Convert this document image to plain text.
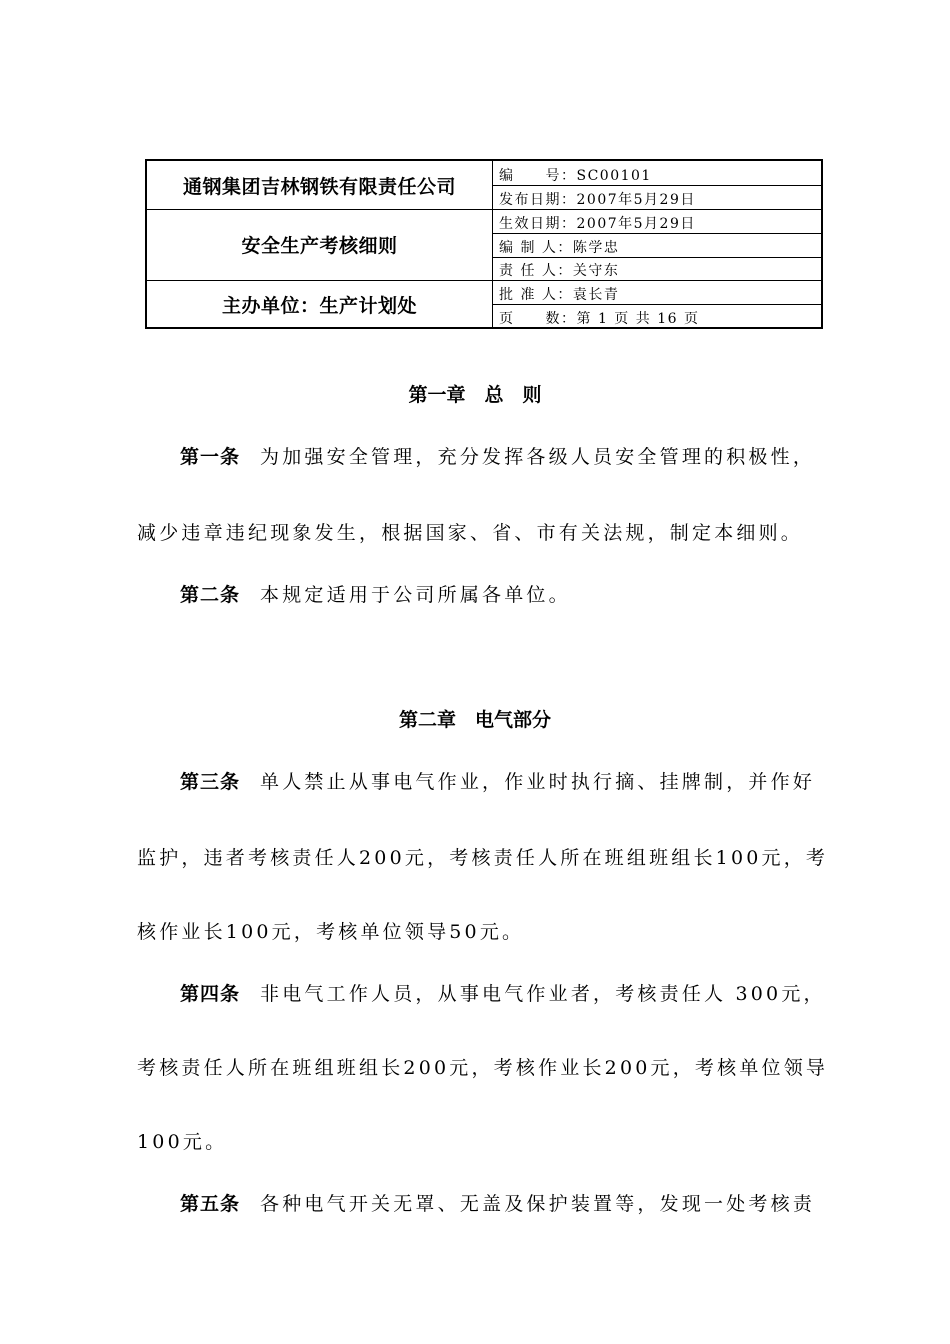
通钢集团吉林钢铁有限责任公司
安全生产考核细则
主办单位：生产计划处
编　　号：SC00101
发布日期：2007年5月29日
生效日期：2007年5月29日
编 制 人：陈学忠
责 任 人：关守东
批 准 人：袁长青
页　　数：第 1 页 共 16 页
第一章　总　则
第一条 为加强安全管理，充分发挥各级人员安全管理的积极性，
减少违章违纪现象发生，根据国家、省、市有关法规，制定本细则。
第二条 本规定适用于公司所属各单位。
第二章　电气部分
第三条 单人禁止从事电气作业，作业时执行摘、挂牌制，并作好
监护，违者考核责任人200元，考核责任人所在班组班组长100元，考
核作业长100元，考核单位领导50元。
第四条 非电气工作人员，从事电气作业者，考核责任人 300元，
考核责任人所在班组班组长200元，考核作业长200元，考核单位领导
100元。
第五条 各种电气开关无罩、无盖及保护装置等，发现一处考核责
